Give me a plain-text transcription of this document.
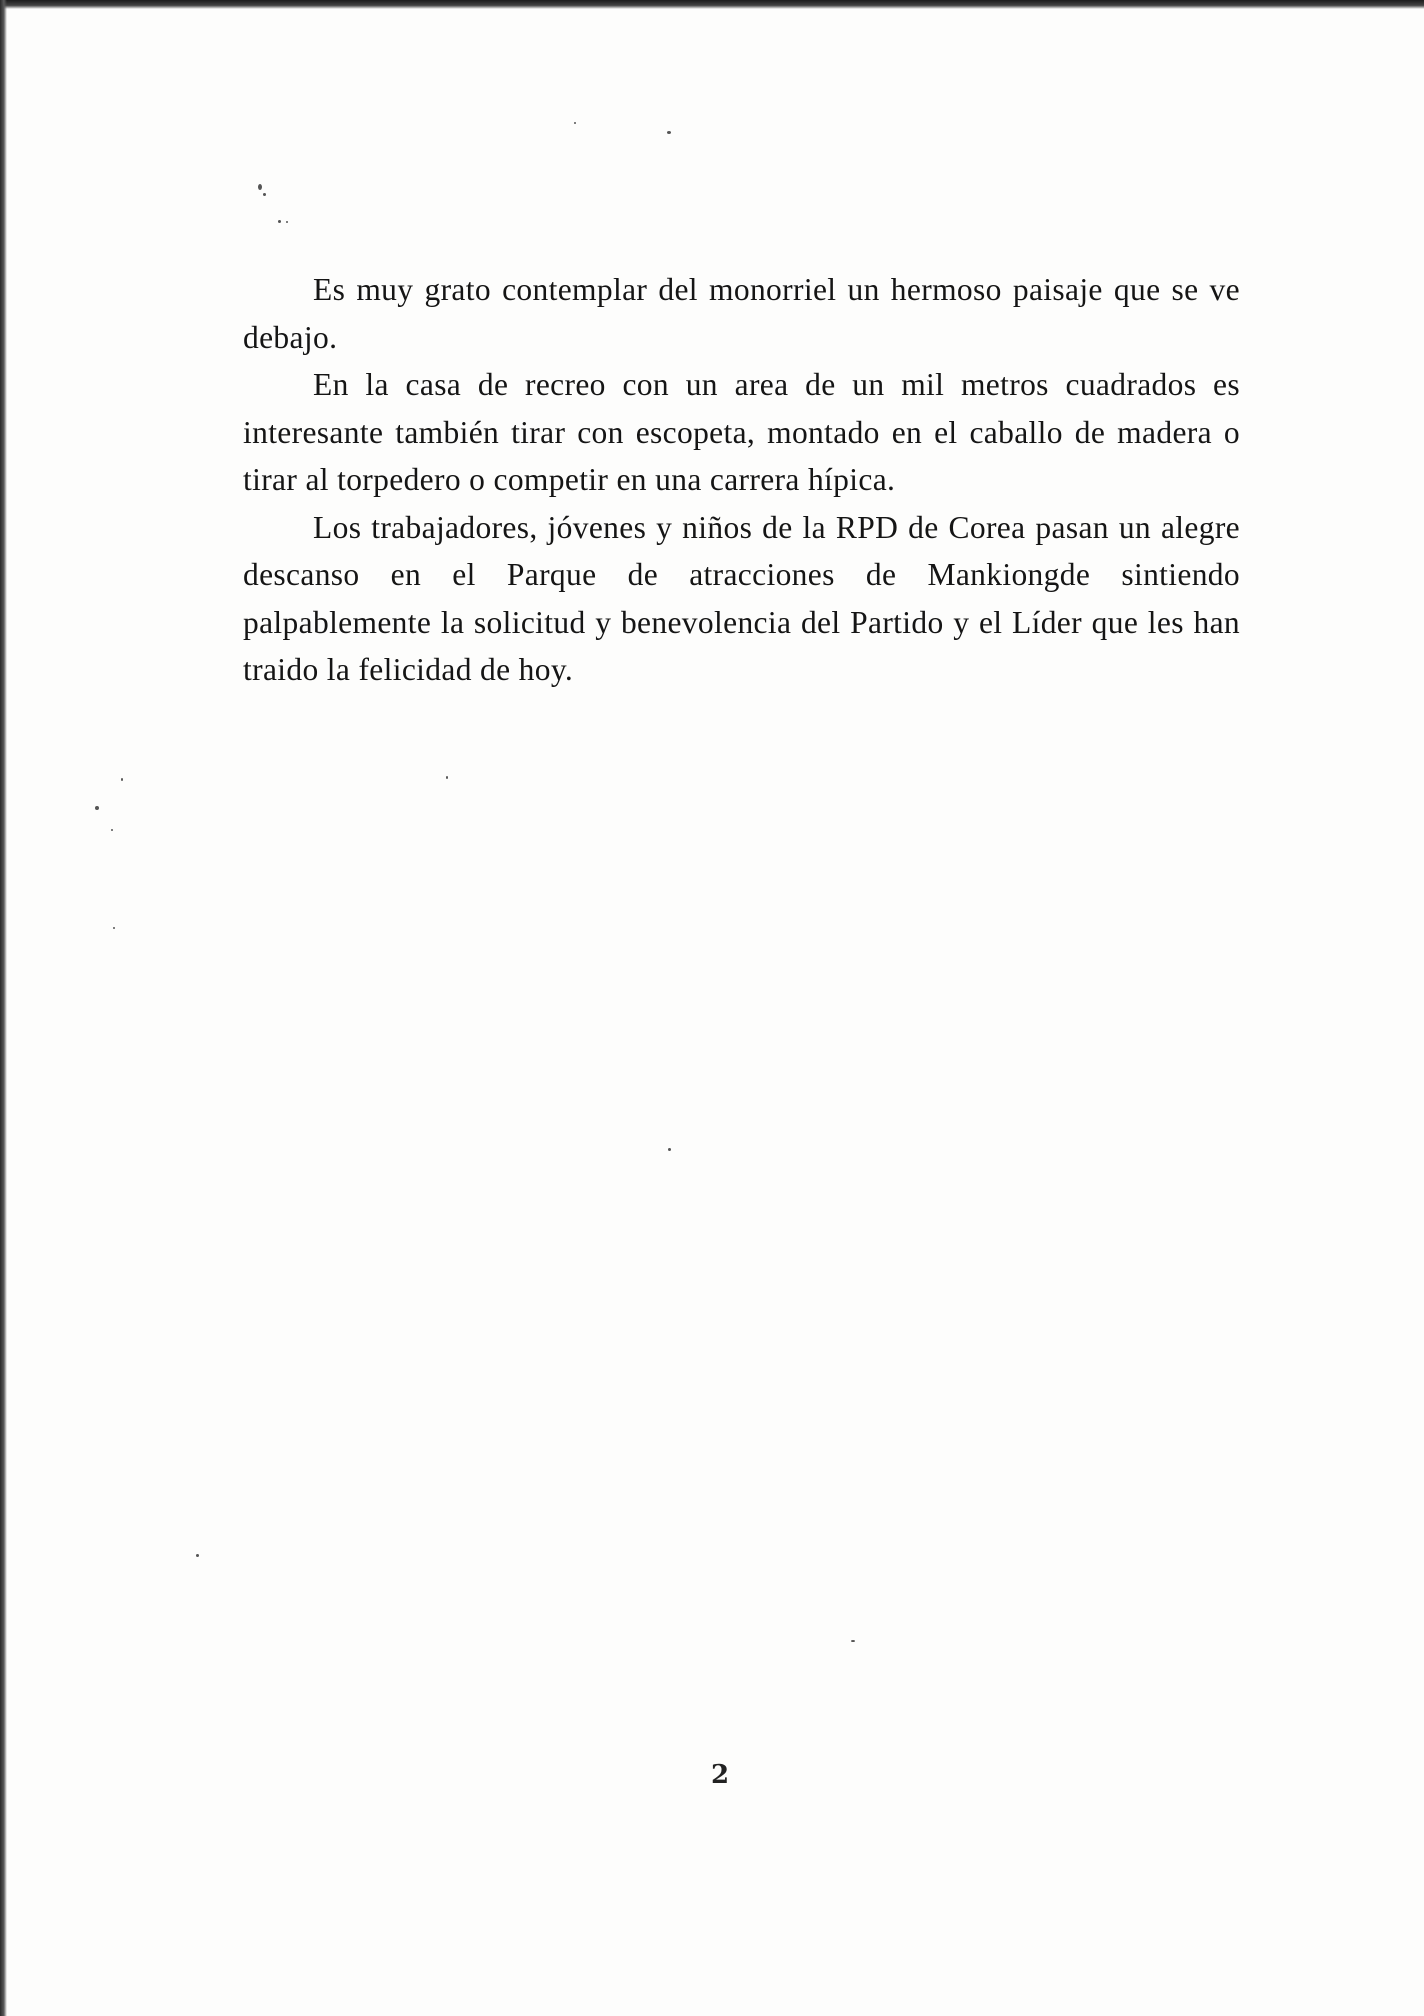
Es muy grato contemplar del monorriel un hermoso paisaje que se ve debajo.

En la casa de recreo con un area de un mil metros cuadrados es interesante también tirar con escopeta, montado en el caballo de madera o tirar al torpedero o competir en una carrera hípica.

Los trabajadores, jóvenes y niños de la RPD de Corea pasan un alegre descanso en el Parque de atracciones de Mankiongde sintiendo palpablemente la solicitud y benevolencia del Partido y el Líder que les han traido la felicidad de hoy.

2
